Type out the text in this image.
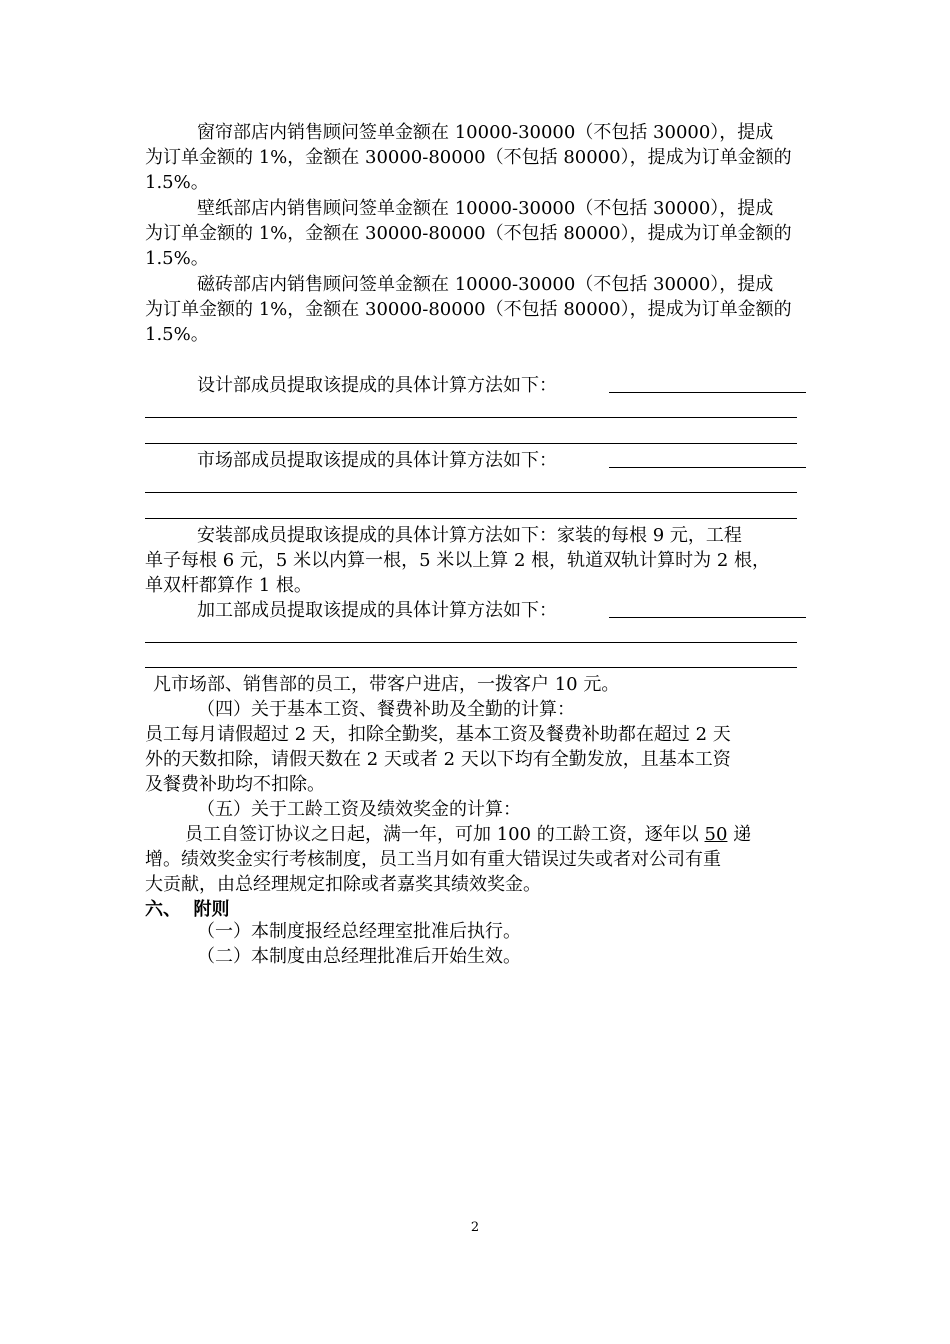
窗帘部店内销售顾问签单金额在 10000-30000（不包括 30000），提成
为订单金额的 1%，金额在 30000-80000（不包括 80000），提成为订单金额的
1.5%。
壁纸部店内销售顾问签单金额在 10000-30000（不包括 30000），提成
为订单金额的 1%，金额在 30000-80000（不包括 80000），提成为订单金额的
1.5%。
磁砖部店内销售顾问签单金额在 10000-30000（不包括 30000），提成
为订单金额的 1%，金额在 30000-80000（不包括 80000），提成为订单金额的
1.5%。
设计部成员提取该提成的具体计算方法如下：
市场部成员提取该提成的具体计算方法如下：
安装部成员提取该提成的具体计算方法如下：家装的每根 9 元，工程
单子每根 6 元，5 米以内算一根，5 米以上算 2 根，轨道双轨计算时为 2 根，
单双杆都算作 1 根。
加工部成员提取该提成的具体计算方法如下：
凡市场部、销售部的员工，带客户进店，一拨客户 10 元。
（四）关于基本工资、餐费补助及全勤的计算：
员工每月请假超过 2 天，扣除全勤奖，基本工资及餐费补助都在超过 2 天
外的天数扣除，请假天数在 2 天或者 2 天以下均有全勤发放，且基本工资
及餐费补助均不扣除。
（五）关于工龄工资及绩效奖金的计算：
员工自签订协议之日起，满一年，可加 100 的工龄工资，逐年以 50 递
增。绩效奖金实行考核制度，员工当月如有重大错误过失或者对公司有重
大贡献，由总经理规定扣除或者嘉奖其绩效奖金。
六、  附则
（一）本制度报经总经理室批准后执行。
（二）本制度由总经理批准后开始生效。
2
